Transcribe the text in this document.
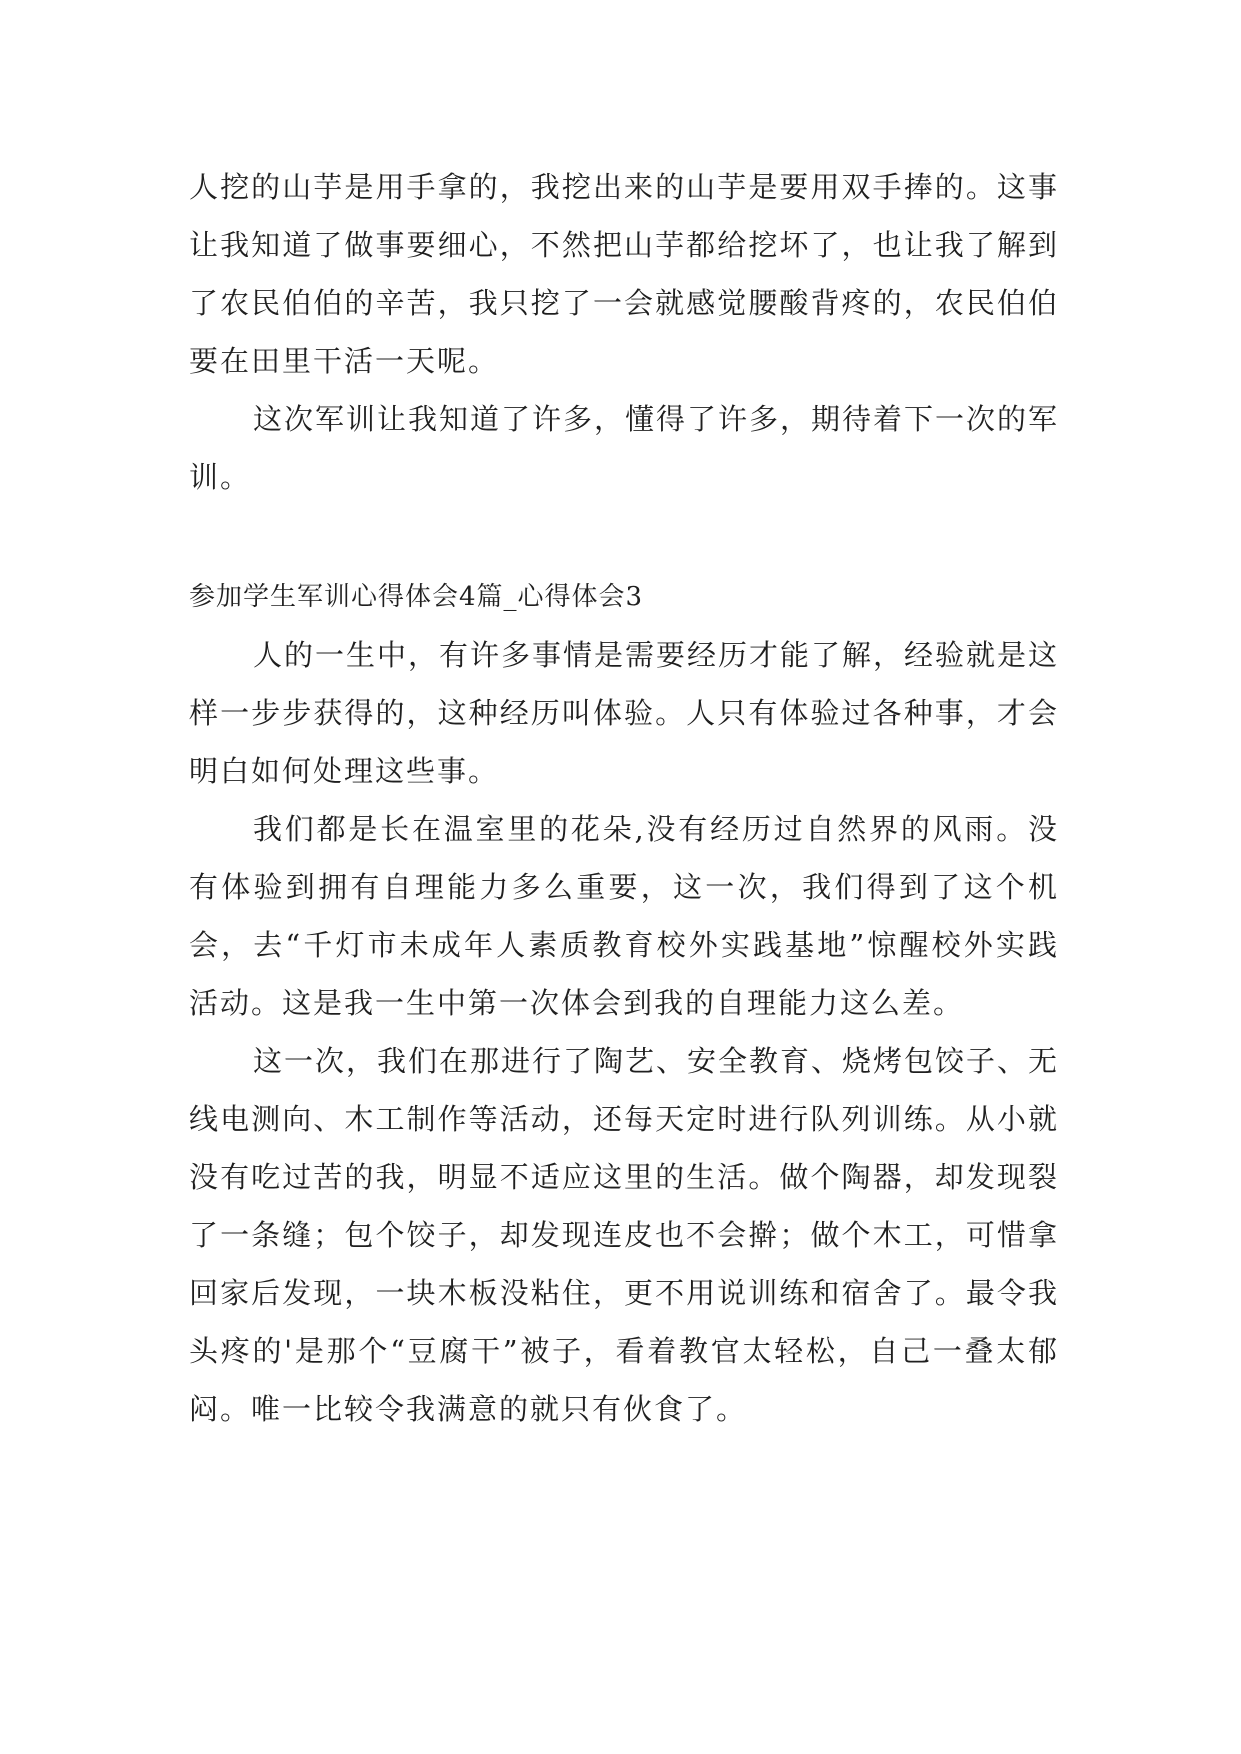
人挖的山芋是用手拿的，我挖出来的山芋是要用双手捧的。这事让我知道了做事要细心，不然把山芋都给挖坏了，也让我了解到了农民伯伯的辛苦，我只挖了一会就感觉腰酸背疼的，农民伯伯要在田里干活一天呢。

这次军训让我知道了许多，懂得了许多，期待着下一次的军训。

参加学生军训心得体会4篇_心得体会3

人的一生中，有许多事情是需要经历才能了解，经验就是这样一步步获得的，这种经历叫体验。人只有体验过各种事，才会明白如何处理这些事。

我们都是长在温室里的花朵,没有经历过自然界的风雨。没有体验到拥有自理能力多么重要，这一次，我们得到了这个机会，去“千灯市未成年人素质教育校外实践基地”惊醒校外实践活动。这是我一生中第一次体会到我的自理能力这么差。

这一次，我们在那进行了陶艺、安全教育、烧烤包饺子、无线电测向、木工制作等活动，还每天定时进行队列训练。从小就没有吃过苦的我，明显不适应这里的生活。做个陶器，却发现裂了一条缝；包个饺子，却发现连皮也不会擀；做个木工，可惜拿回家后发现，一块木板没粘住，更不用说训练和宿舍了。最令我头疼的'是那个“豆腐干”被子，看着教官太轻松，自己一叠太郁闷。唯一比较令我满意的就只有伙食了。
